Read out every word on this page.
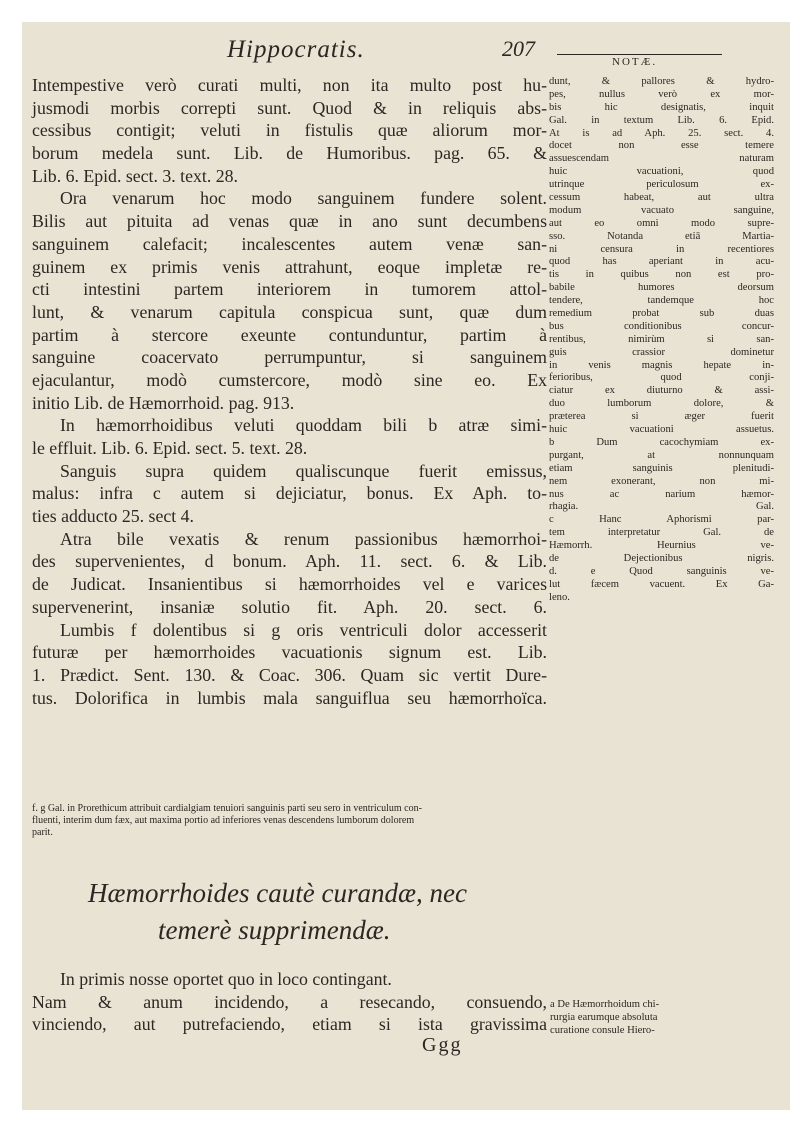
Hippocratis.	207
NOTÆ.
Intempestive verò curati multi, non ita multo post hu-
jusmodi morbis correpti sunt. Quod & in reliquis abs-
cessibus contigit; veluti in fistulis quæ aliorum mor-
borum medela sunt. Lib. de Humoribus. pag. 65. &
Lib. 6. Epid. sect. 3. text. 28.
Ora venarum hoc modo sanguinem fundere solent.
Bilis aut pituita ad venas quæ in ano sunt decumbens
sanguinem calefacit; incalescentes autem venæ san-
guinem ex primis venis attrahunt, eoque impletæ re-
cti intestini partem interiorem in tumorem attol-
lunt, & venarum capitula conspicua sunt, quæ dum
partim à stercore exeunte contunduntur, partim à
sanguine coacervato perrumpuntur, si sanguinem
ejaculantur, modò cumstercore, modò sine eo. Ex
initio Lib. de Hæmorrhoid. pag. 913.
In hæmorrhoidibus veluti quoddam bili b atræ simi-
le effluit. Lib. 6. Epid. sect. 5. text. 28.
Sanguis supra quidem qualiscunque fuerit emissus,
malus: infra c autem si dejiciatur, bonus. Ex Aph. to-
ties adducto 25. sect 4.
Atra bile vexatis & renum passionibus hæmorrhoi-
des supervenientes, d bonum. Aph. 11. sect. 6. & Lib.
de Judicat. Insanientibus si hæmorrhoides vel e varices
supervenerint, insaniæ solutio fit. Aph. 20. sect. 6.
Lumbis f dolentibus si g oris ventriculi dolor accesserit
futuræ per hæmorrhoides vacuationis signum est. Lib.
1. Prædict. Sent. 130. & Coac. 306. Quam sic vertit Dure-
tus. Dolorifica in lumbis mala sanguiflua seu hæmorrhoïca.
dunt, & pallores & hydro-
pes, nullus verò ex mor-
bis hic designatis, inquit
Gal. in textum Lib. 6. Epid.
At is ad Aph. 25. sect. 4.
docet non esse temere
assuescendam naturam
huic vacuationi, quod
utrinque periculosum ex-
cessum habeat, aut ultra
modum vacuato sanguine,
aut eo omni modo supre-
sso. Notanda etiā Martia-
ni censura in recentiores
quod has aperiant in acu-
tis in quibus non est pro-
babile humores deorsum
tendere, tandemque hoc
remedium probat sub duas
bus conditionibus concur-
rentibus, nimirùm si san-
guis crassior dominetur
in venis magnis hepate in-
ferioribus, quod conji-
ciatur ex diuturno & assi-
duo lumborum dolore, &
præterea si æger fuerit
huic vacuationi assuetus.
b Dum cacochymiam ex-
purgant, at nonnunquam
etiam sanguinis plenitudi-
nem exonerant, non mi-
nus ac narium hæmor-
rhagia. Gal.
c Hanc Aphorismi par-
tem interpretatur Gal. de
Hæmorrh. Heurnius ve-
de Dejectionibus nigris.
d. e Quod sanguinis ve-
lut fæcem vacuent. Ex Ga-
leno.
f. g Gal. in Prorethicum attribuit cardialgiam tenuiori sanguinis parti seu sero in ventriculum con-
fluenti, interim dum fæx, aut maxima portio ad inferiores venas descendens lumborum dolorem
parit.
Hæmorrhoides cautè curandæ, nec
temerè supprimendæ.
In primis nosse oportet quo in loco contingant.
Nam & anum incidendo, a resecando, consuendo,
vinciendo, aut putrefaciendo, etiam si ista gravissima
a De Hæmorrhoidum chi-
rurgia earumque absoluta
curatione consule Hiero-
Ggg
